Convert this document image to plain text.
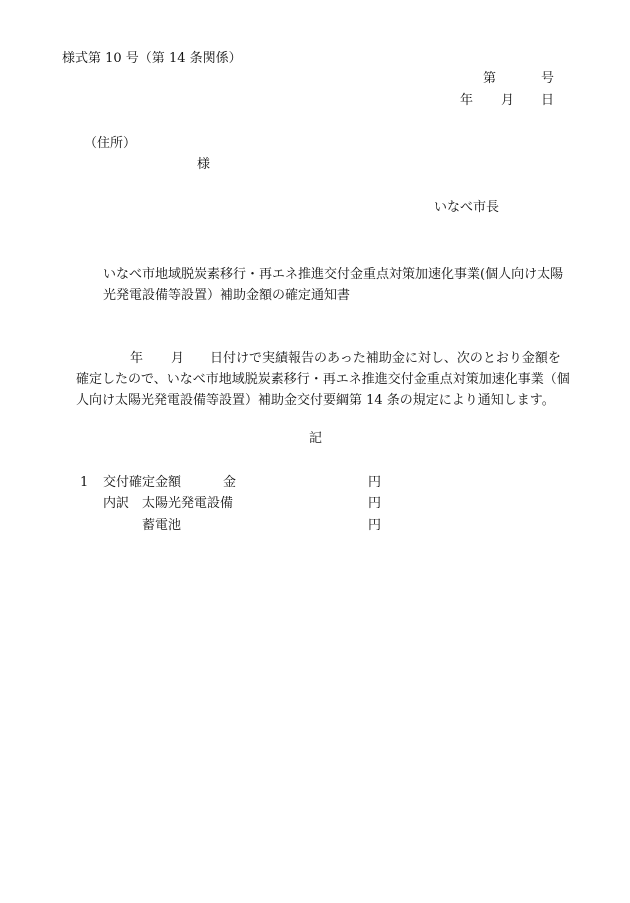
様式第 10 号（第 14 条関係）
第	号
年 月 日
（住所）
様
いなべ市長
いなべ市地域脱炭素移行・再エネ推進交付金重点対策加速化事業(個人向け太陽
光発電設備等設置）補助金額の確定通知書
年 月 日付けで実績報告のあった補助金に対し、次のとおり金額を
確定したので、いなべ市地域脱炭素移行・再エネ推進交付金重点対策加速化事業（個
人向け太陽光発電設備等設置）補助金交付要綱第 14 条の規定により通知します。
記
1 交付確定金額	金	円
内訳 太陽光発電設備	円
蓄電池	円
